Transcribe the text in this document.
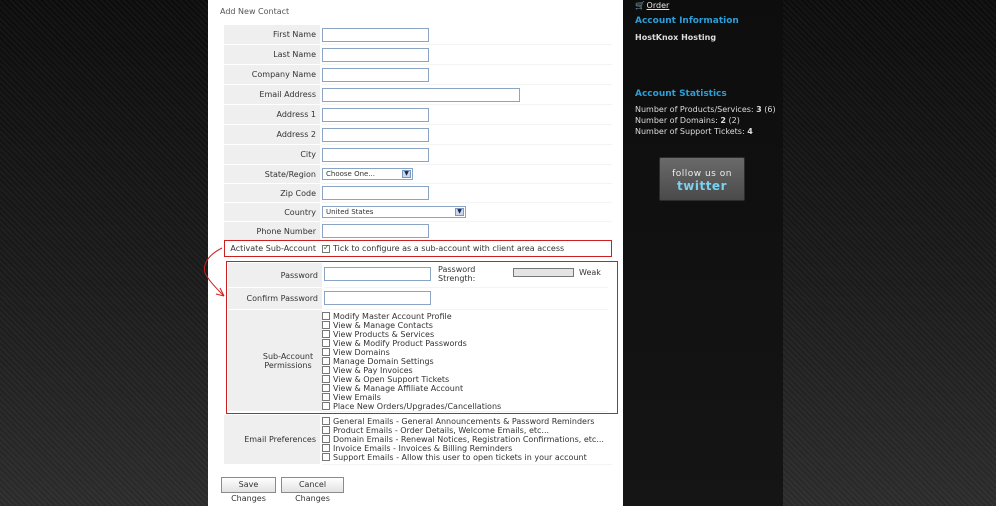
Add New Contact
First Name
Last Name
Company Name
Email Address
Address 1
Address 2
City
State/Region	Choose One...	▼
Zip Code
Country	United States	▼
Phone Number
Activate Sub-Account
✓	Tick to configure as a sub-account with client area access
Password
Password Strength:
Weak
Confirm Password
Sub-Account Permissions
Modify Master Account Profile
View & Manage Contacts
View Products & Services
View & Modify Product Passwords
View Domains
Manage Domain Settings
View & Pay Invoices
View & Open Support Tickets
View & Manage Affiliate Account
View Emails
Place New Orders/Upgrades/Cancellations
Email Preferences
General Emails - General Announcements & Password Reminders
Product Emails - Order Details, Welcome Emails, etc...
Domain Emails - Renewal Notices, Registration Confirmations, etc...
Invoice Emails - Invoices & Billing Reminders
Support Emails - Allow this user to open tickets in your account
Save Changes
Cancel Changes
🛒 Order
Account Information
HostKnox Hosting
Account Statistics
Number of Products/Services: 3 (6)
Number of Domains: 2 (2)
Number of Support Tickets: 4
follow us on
twitter
